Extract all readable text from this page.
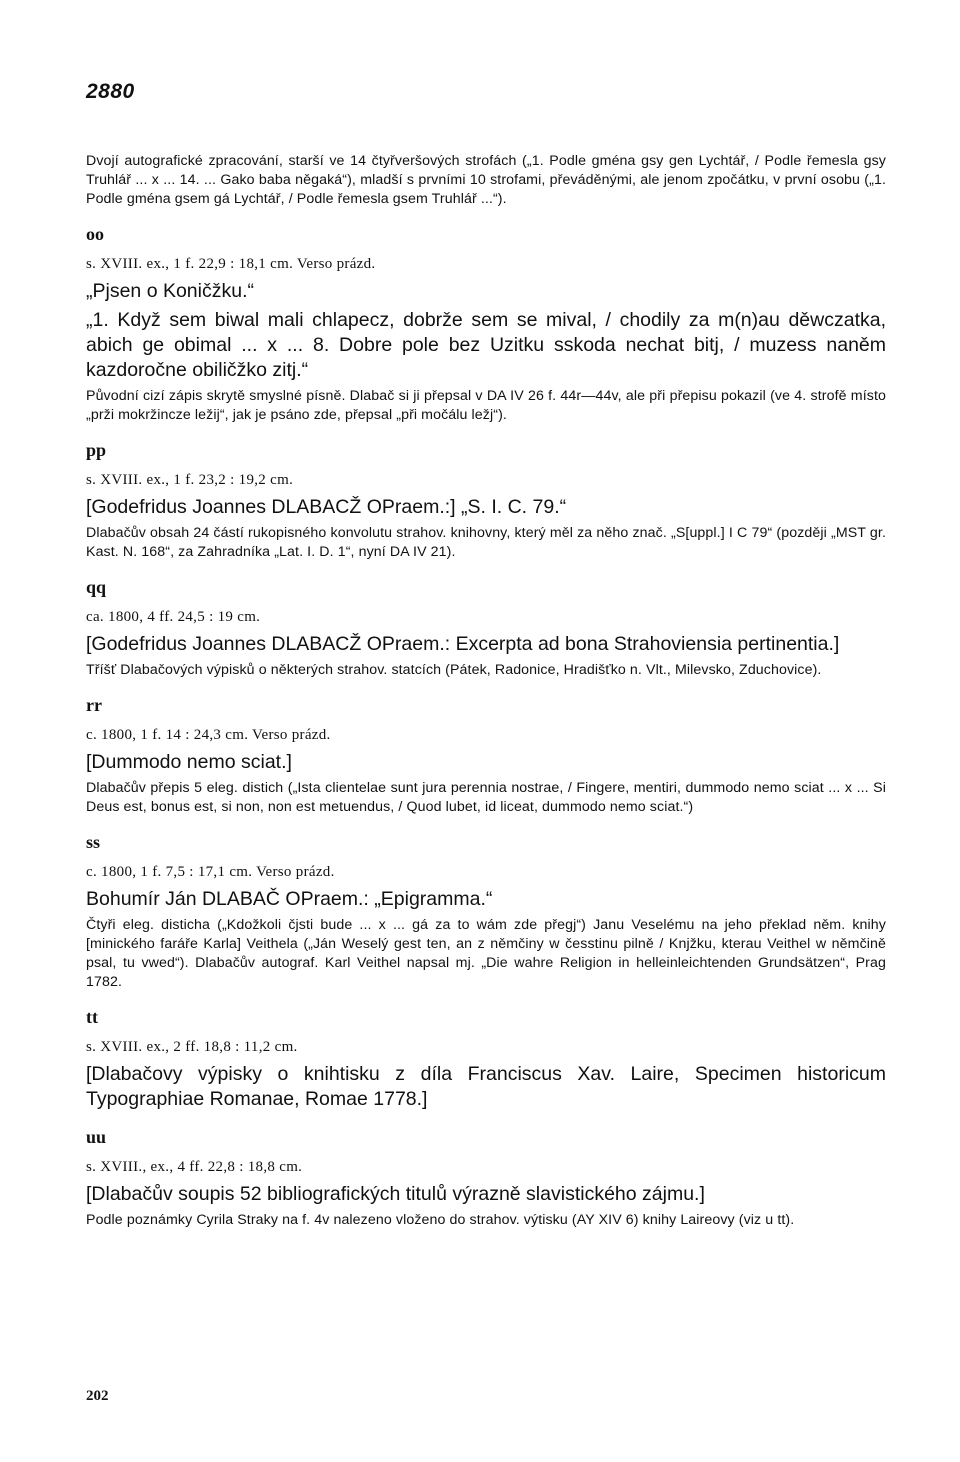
2880

Dvojí autografické zpracování, starší ve 14 čtyřveršových strofách („1. Podle gména gsy gen Lychtář, / Podle řemesla gsy Truhlář ... x ... 14. ... Gako baba něgaká“), mladší s prvními 10 strofami, převáděnými, ale jenom zpočátku, v první osobu („1. Podle gména gsem gá Lychtář, / Podle řemesla gsem Truhlář ...“).

oo
s. XVIII. ex., 1 f. 22,9 : 18,1 cm. Verso prázd.
„Pjsen o Koničžku.“
„1. Když sem biwal mali chlapecz, dobrže sem se mival, / chodily za m(n)au děwczatka, abich ge obimal ... x ... 8. Dobre pole bez Uzitku sskoda nechat bitj, / muzess naněm kazdoročne obiličžko zitj.“

Původní cizí zápis skrytě smyslné písně. Dlabač si ji přepsal v DA IV 26 f. 44r—44v, ale při přepisu pokazil (ve 4. strofě místo „prži mokržincze ležij“, jak je psáno zde, přepsal „při močálu ležj“).

pp
s. XVIII. ex., 1 f. 23,2 : 19,2 cm.
[Godefridus Joannes DLABACŽ OPraem.:] „S. I. C. 79.“

Dlabačův obsah 24 částí rukopisného konvolutu strahov. knihovny, který měl za něho znač. „S[uppl.] I C 79“ (později „MST gr. Kast. N. 168“, za Zahradníka „Lat. I. D. 1“, nyní DA IV 21).

qq
ca. 1800, 4 ff. 24,5 : 19 cm.
[Godefridus Joannes DLABACŽ OPraem.: Excerpta ad bona Strahoviensia pertinentia.]

Tříšť Dlabačových výpisků o některých strahov. statcích (Pátek, Radonice, Hradišťko n. Vlt., Milevsko, Zduchovice).

rr
c. 1800, 1 f. 14 : 24,3 cm. Verso prázd.
[Dummodo nemo sciat.]

Dlabačův přepis 5 eleg. distich („Ista clientelae sunt jura perennia nostrae, / Fingere, mentiri, dummodo nemo sciat ... x ... Si Deus est, bonus est, si non, non est metuendus, / Quod lubet, id liceat, dummodo nemo sciat.“)

ss
c. 1800, 1 f. 7,5 : 17,1 cm. Verso prázd.
Bohumír Ján DLABAČ OPraem.: „Epigramma.“

Čtyři eleg. disticha („Kdožkoli čjsti bude ... x ... gá za to wám zde přegj“) Janu Veselému na jeho překlad něm. knihy [minického faráře Karla] Veithela („Ján Weselý gest ten, an z němčiny w česstinu pilně / Knjžku, kterau Veithel w němčině psal, tu vwed“). Dlabačův autograf. Karl Veithel napsal mj. „Die wahre Religion in helleinleichtenden Grundsätzen“, Prag 1782.

tt
s. XVIII. ex., 2 ff. 18,8 : 11,2 cm.
[Dlabačovy výpisky o knihtisku z díla Franciscus Xav. Laire, Specimen historicum Typographiae Romanae, Romae 1778.]
uu
s. XVIII., ex., 4 ff. 22,8 : 18,8 cm.
[Dlabačův soupis 52 bibliografických titulů výrazně slavistického zájmu.]

Podle poznámky Cyrila Straky na f. 4v nalezeno vloženo do strahov. výtisku (AY XIV 6) knihy Laireovy (viz u tt).

202
